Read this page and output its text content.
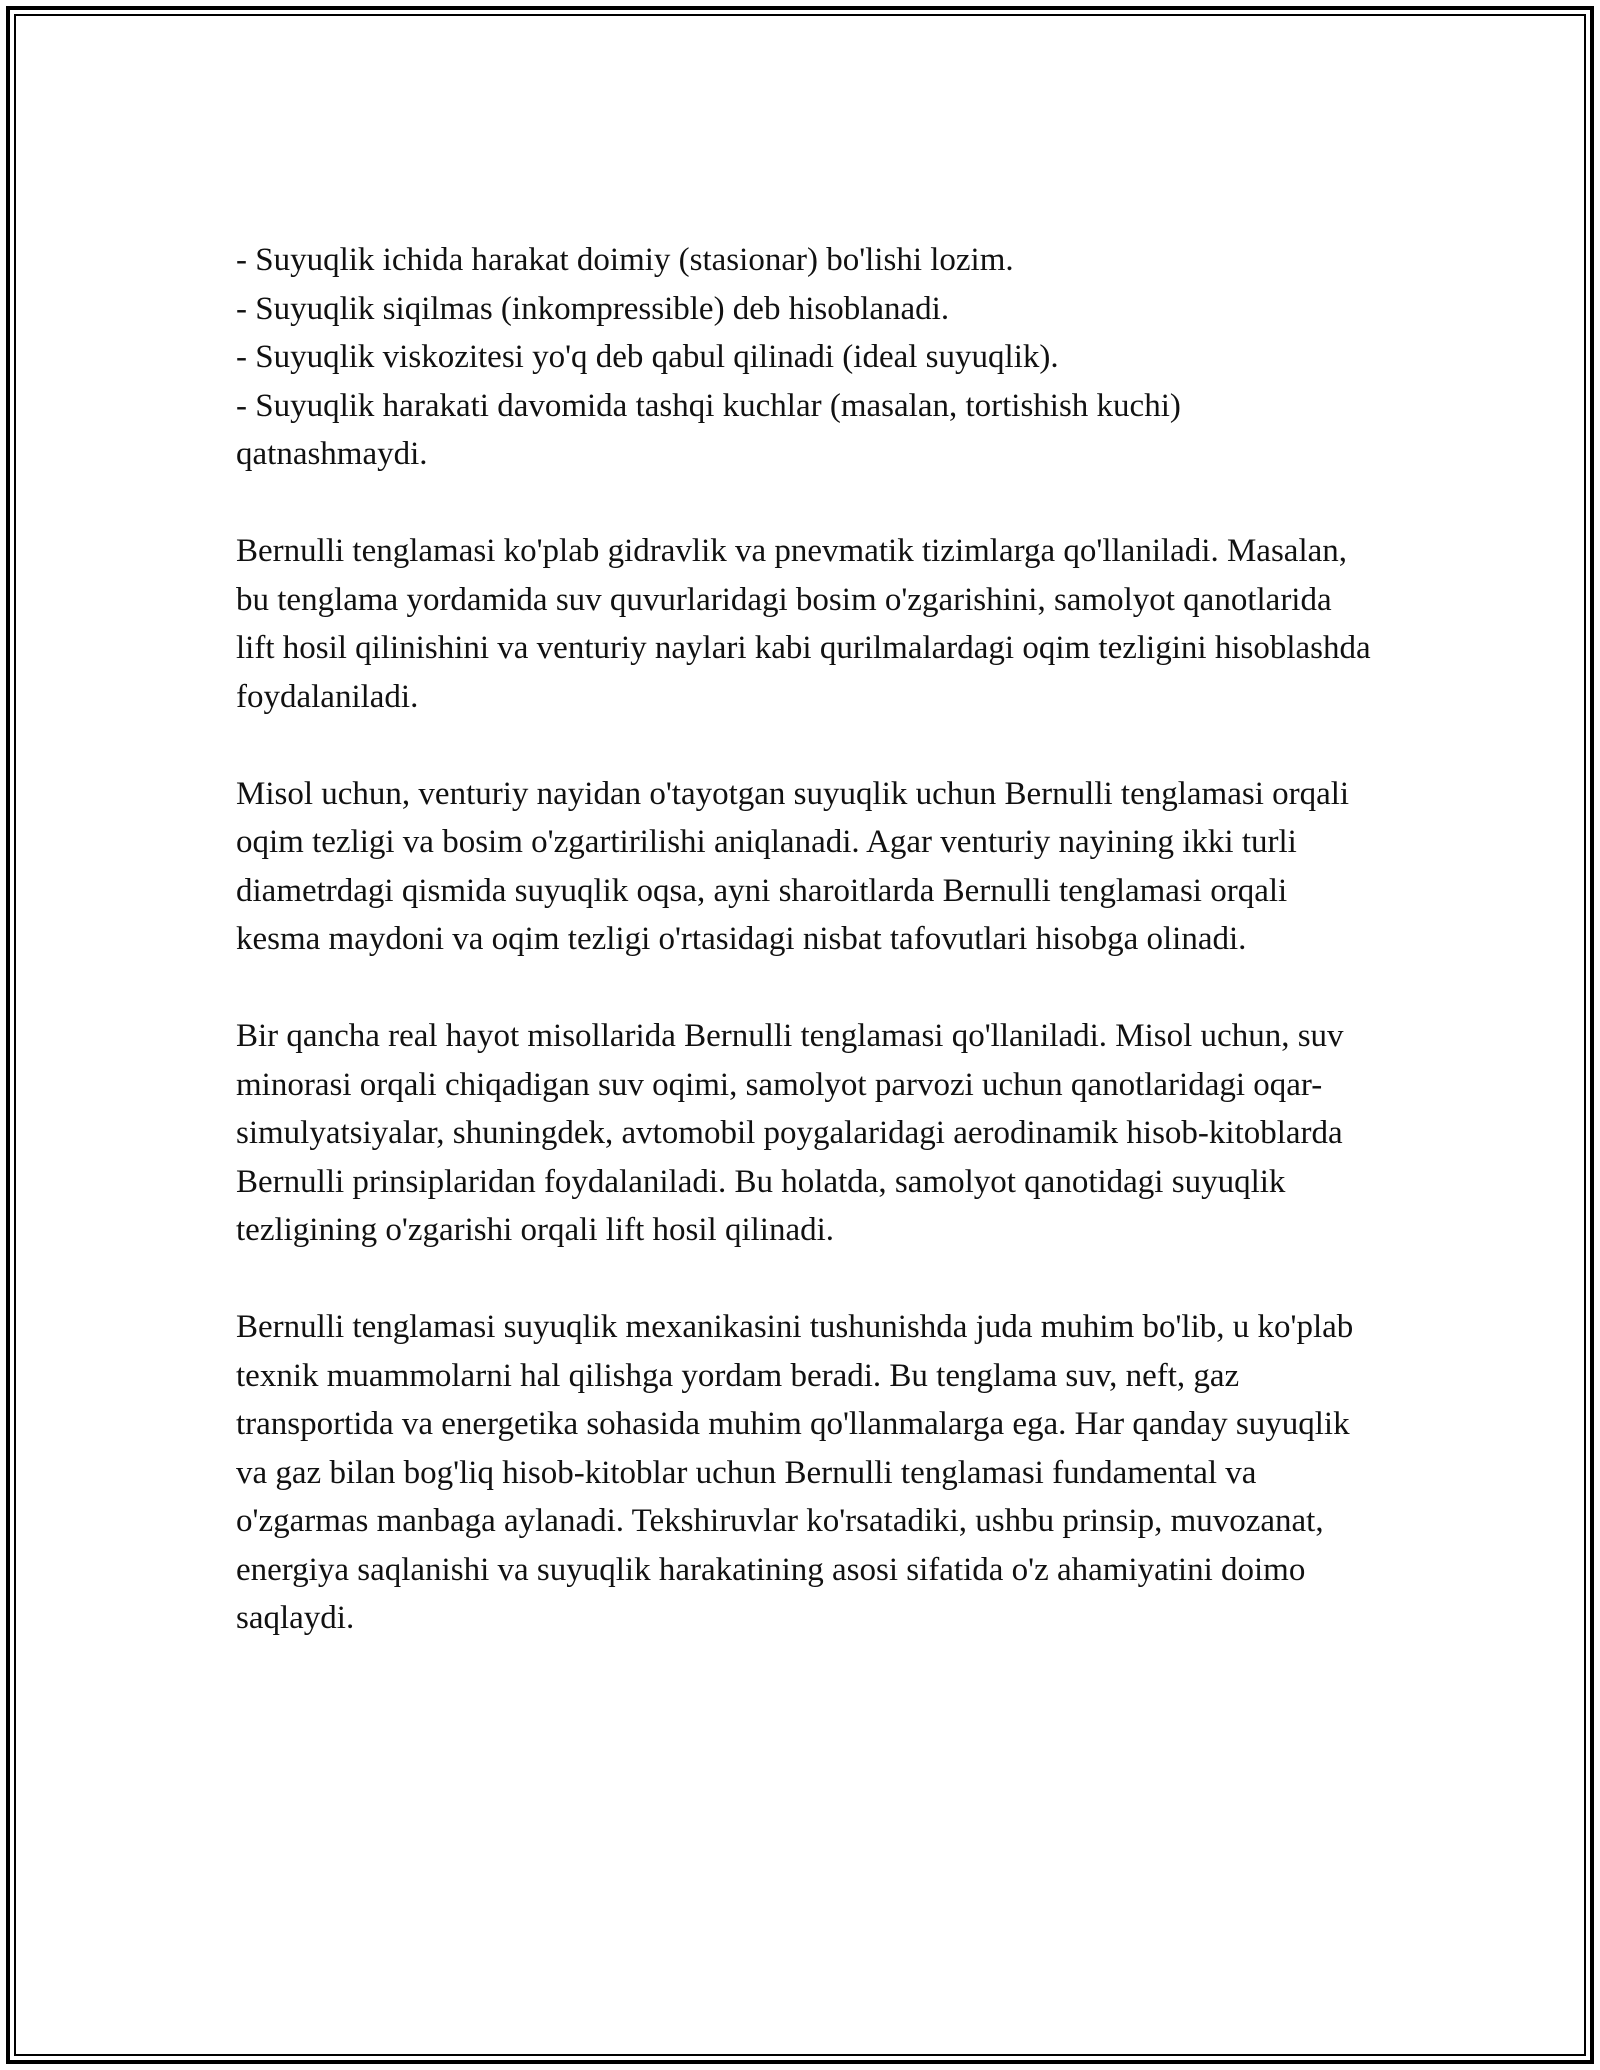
- Suyuqlik ichida harakat doimiy (stasionar) bo'lishi lozim.
- Suyuqlik siqilmas (inkompressible) deb hisoblanadi.
- Suyuqlik viskozitesi yo'q deb qabul qilinadi (ideal suyuqlik).
- Suyuqlik harakati davomida tashqi kuchlar (masalan, tortishish kuchi) qatnashmaydi.

Bernulli tenglamasi ko'plab gidravlik va pnevmatik tizimlarga qo'llaniladi. Masalan, bu tenglama yordamida suv quvurlaridagi bosim o'zgarishini, samolyot qanotlarida lift hosil qilinishini va venturiy naylari kabi qurilmalardagi oqim tezligini hisoblashda foydalaniladi.

Misol uchun, venturiy nayidan o'tayotgan suyuqlik uchun Bernulli tenglamasi orqali oqim tezligi va bosim o'zgartirilishi aniqlanadi. Agar venturiy nayining ikki turli diametrdagi qismida suyuqlik oqsa, ayni sharoitlarda Bernulli tenglamasi orqali kesma maydoni va oqim tezligi o'rtasidagi nisbat tafovutlari hisobga olinadi.

Bir qancha real hayot misollarida Bernulli tenglamasi qo'llaniladi. Misol uchun, suv minorasi orqali chiqadigan suv oqimi, samolyot parvozi uchun qanotlaridagi oqar-simulyatsiyalar, shuningdek, avtomobil poygalaridagi aerodinamik hisob-kitoblarda Bernulli prinsiplaridan foydalaniladi. Bu holatda, samolyot qanotidagi suyuqlik tezligining o'zgarishi orqali lift hosil qilinadi.

Bernulli tenglamasi suyuqlik mexanikasini tushunishda juda muhim bo'lib, u ko'plab texnik muammolarni hal qilishga yordam beradi. Bu tenglama suv, neft, gaz transportida va energetika sohasida muhim qo'llanmalarga ega. Har qanday suyuqlik va gaz bilan bog'liq hisob-kitoblar uchun Bernulli tenglamasi fundamental va o'zgarmas manbaga aylanadi. Tekshiruvlar ko'rsatadiki, ushbu prinsip, muvozanat, energiya saqlanishi va suyuqlik harakatining asosi sifatida o'z ahamiyatini doimo saqlaydi.
